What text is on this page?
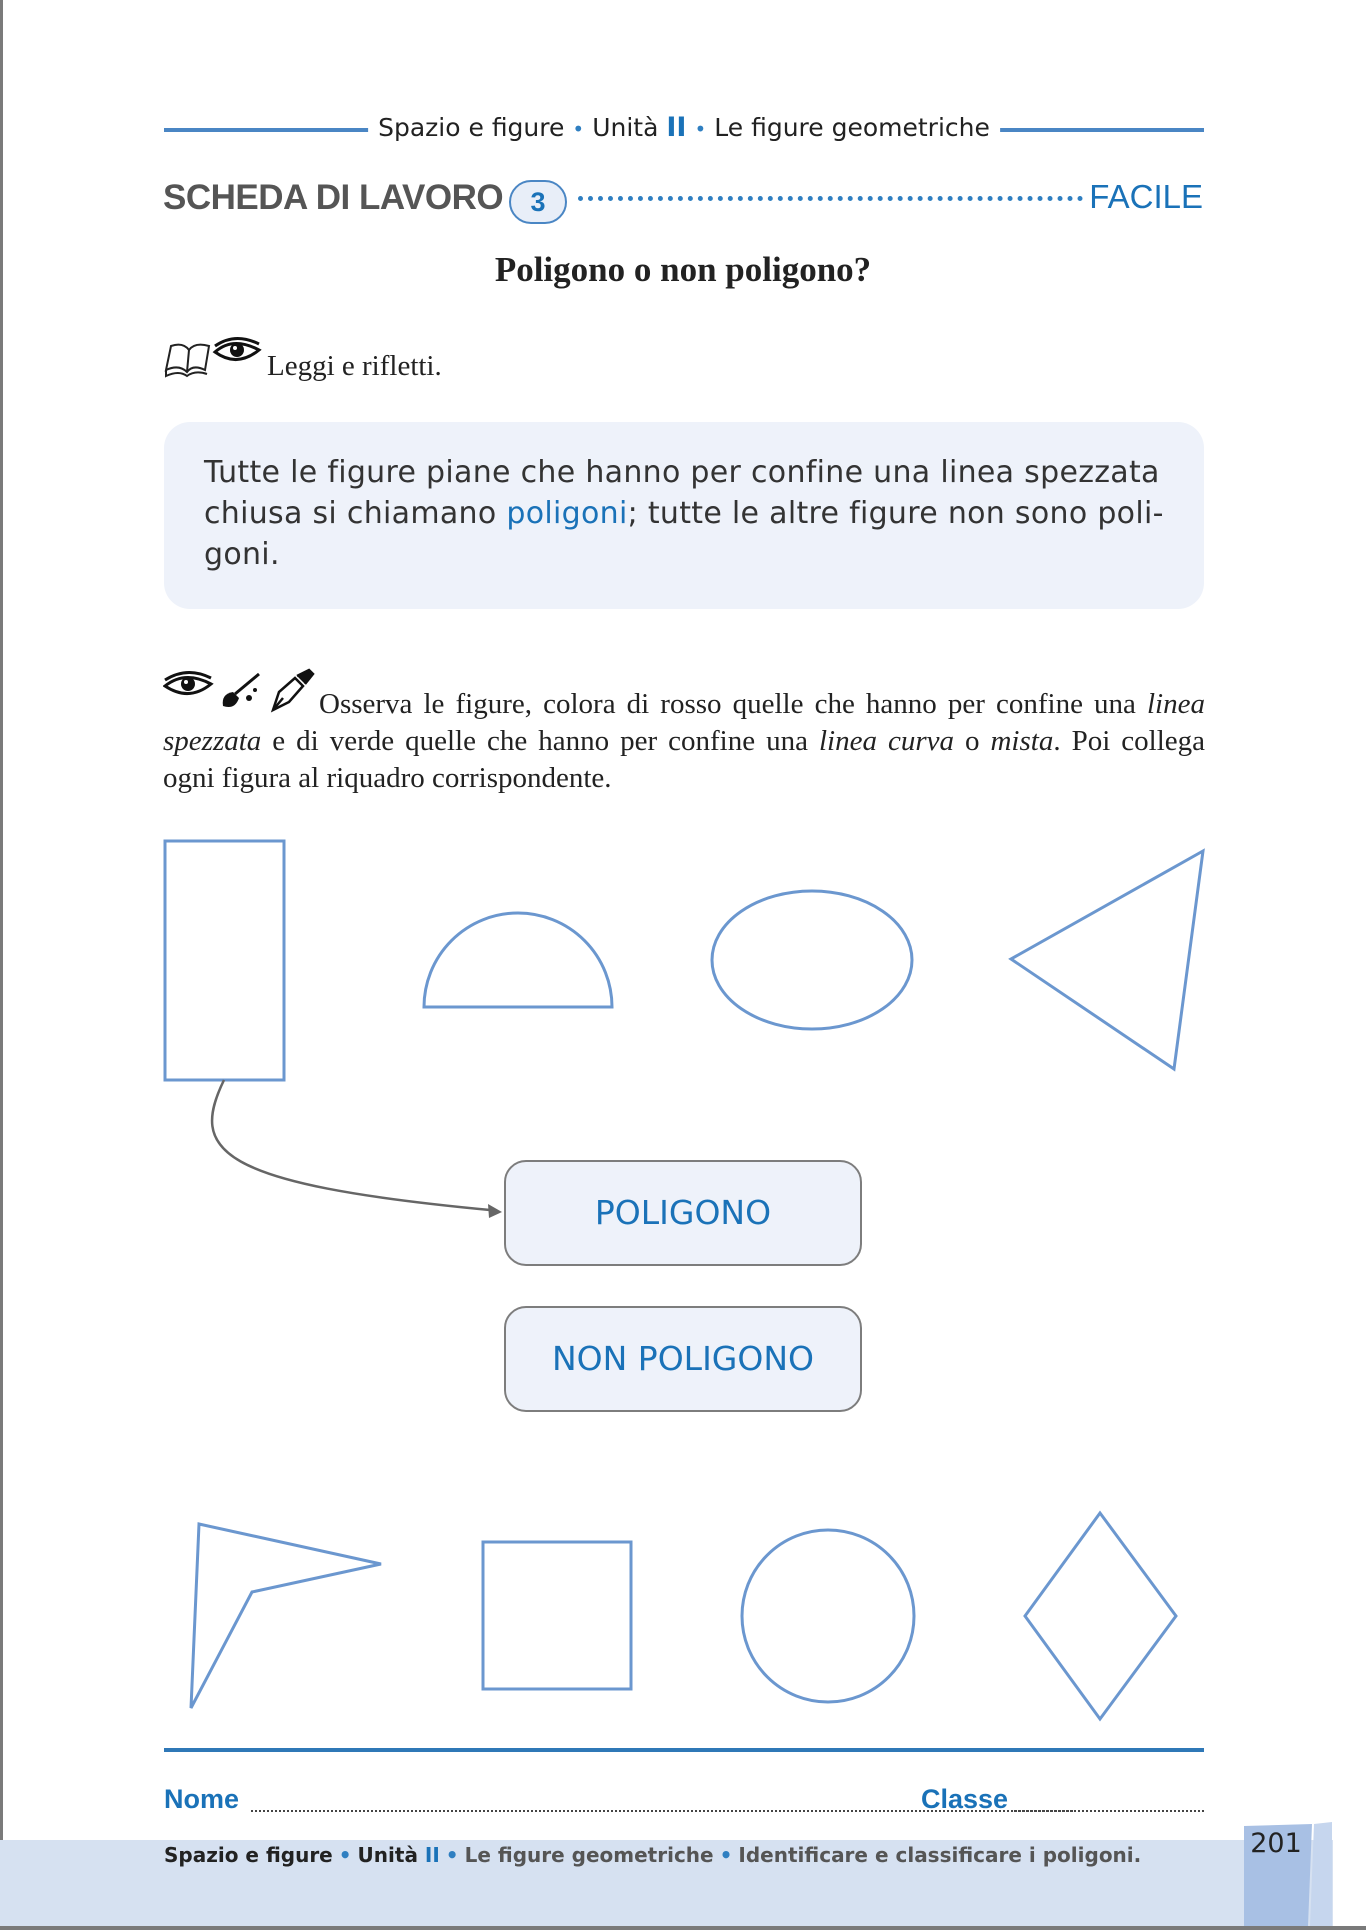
Spazio e figure • Unità II • Le figure geometriche
SCHEDA DI LAVORO	3	FACILE
Poligono o non poligono?
Leggi e rifletti.
Tutte le figure piane che hanno per confine una linea spezzata chiusa si chiamano poligoni; tutte le altre figure non sono poli-goni.
Osserva le figure, colora di rosso quelle che hanno per confine una linea spezzata e di verde quelle che hanno per confine una linea curva o mista. Poi collega ogni figura al riquadro corrispondente.
POLIGONO
NON POLIGONO
Nome	Classe
Spazio e figure • Unità II • Le figure geometriche • Identificare e classificare i poligoni.	201
